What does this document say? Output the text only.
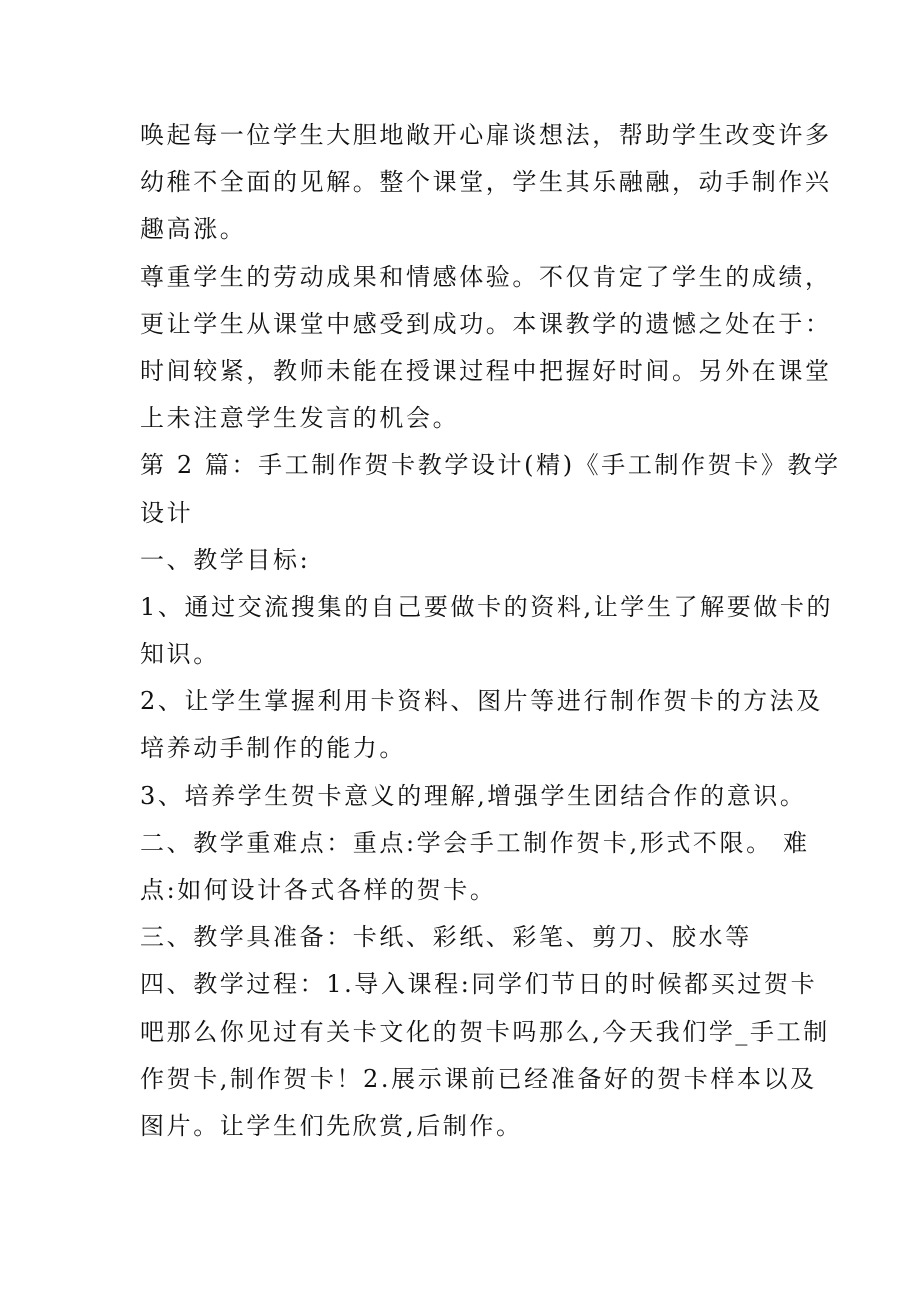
唤起每一位学生大胆地敞开心扉谈想法，帮助学生改变许多
幼稚不全面的见解。整个课堂，学生其乐融融，动手制作兴
趣高涨。
尊重学生的劳动成果和情感体验。不仅肯定了学生的成绩，
更让学生从课堂中感受到成功。本课教学的遗憾之处在于：
时间较紧，教师未能在授课过程中把握好时间。另外在课堂
上未注意学生发言的机会。
第 2 篇：手工制作贺卡教学设计(精)《手工制作贺卡》教学
设计
一、教学目标:
1、通过交流搜集的自己要做卡的资料,让学生了解要做卡的
知识。
2、让学生掌握利用卡资料、图片等进行制作贺卡的方法及
培养动手制作的能力。
3、培养学生贺卡意义的理解,增强学生团结合作的意识。
二、教学重难点：重点:学会手工制作贺卡,形式不限。 难
点:如何设计各式各样的贺卡。
三、教学具准备：卡纸、彩纸、彩笔、剪刀、胶水等
四、教学过程：1.导入课程:同学们节日的时候都买过贺卡
吧那么你见过有关卡文化的贺卡吗那么,今天我们学_手工制
作贺卡,制作贺卡！2.展示课前已经准备好的贺卡样本以及
图片。让学生们先欣赏,后制作。
